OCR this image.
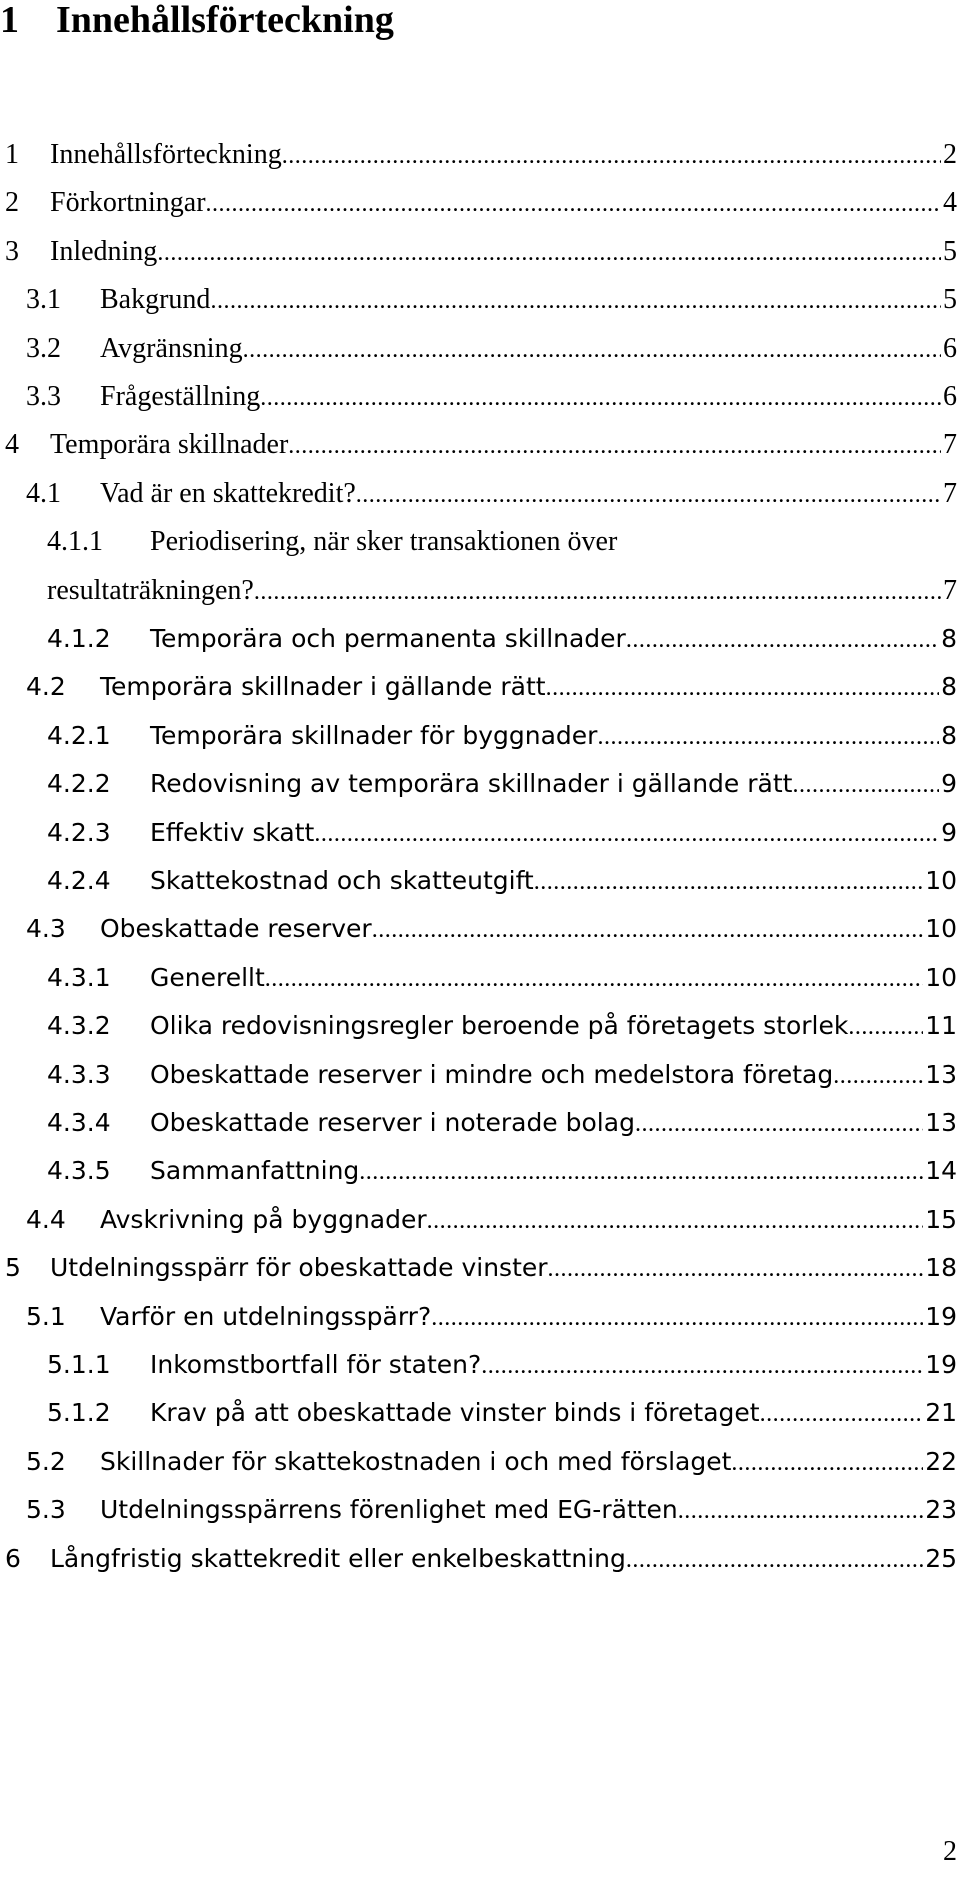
1 Innehållsförteckning
1 Innehållsförteckning .....	2
2 Förkortningar .....	4
3 Inledning .....	5
3.1 Bakgrund .....	5
3.2 Avgränsning .....	6
3.3 Frågeställning .....	6
4 Temporära skillnader .....	7
4.1 Vad är en skattekredit? .....	7
4.1.1 Periodisering, när sker transaktionen över
resultaträkningen? .....	7
4.1.2 Temporära och permanenta skillnader .....	8
4.2 Temporära skillnader i gällande rätt .....	8
4.2.1 Temporära skillnader för byggnader .....	8
4.2.2 Redovisning av temporära skillnader i gällande rätt .....	9
4.2.3 Effektiv skatt .....	9
4.2.4 Skattekostnad och skatteutgift .....	10
4.3 Obeskattade reserver .....	10
4.3.1 Generellt .....	10
4.3.2 Olika redovisningsregler beroende på företagets storlek .....	11
4.3.3 Obeskattade reserver i mindre och medelstora företag .....	13
4.3.4 Obeskattade reserver i noterade bolag .....	13
4.3.5 Sammanfattning .....	14
4.4 Avskrivning på byggnader .....	15
5 Utdelningsspärr för obeskattade vinster .....	18
5.1 Varför en utdelningsspärr? .....	19
5.1.1 Inkomstbortfall för staten? .....	19
5.1.2 Krav på att obeskattade vinster binds i företaget .....	21
5.2 Skillnader för skattekostnaden i och med förslaget .....	22
5.3 Utdelningsspärrens förenlighet med EG-rätten .....	23
6 Långfristig skattekredit eller enkelbeskattning .....	25
2
